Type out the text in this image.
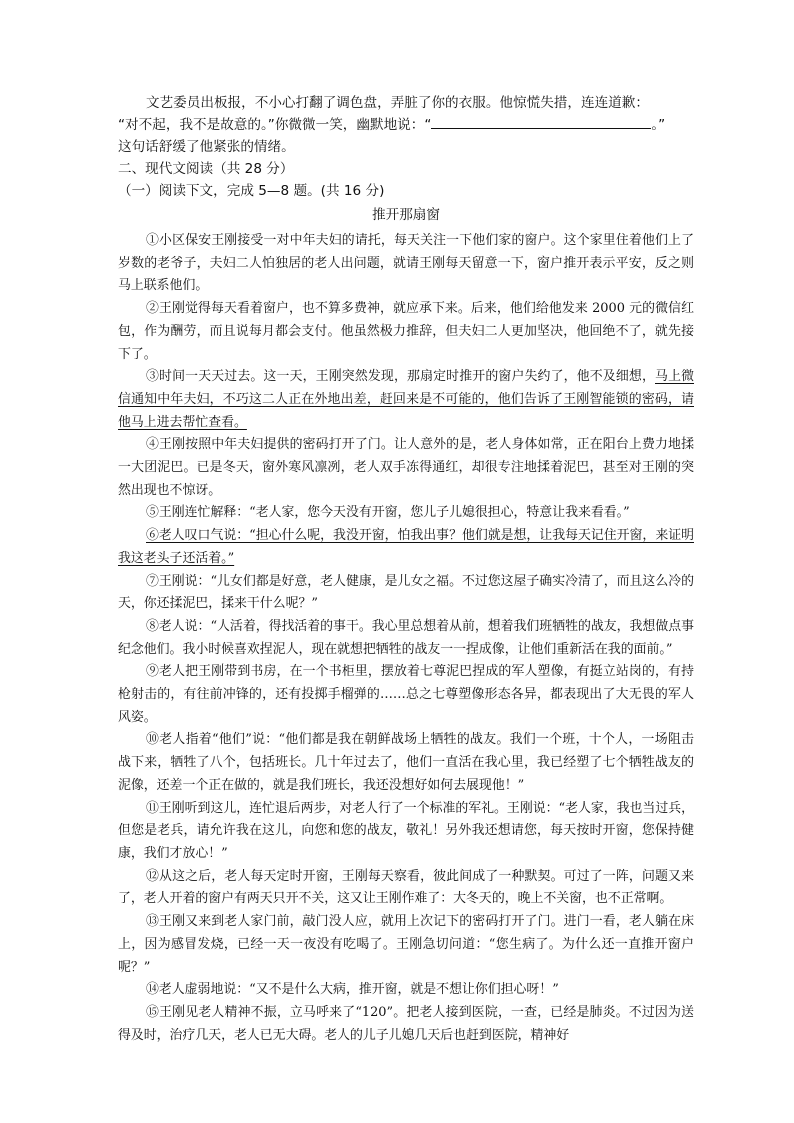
文艺委员出板报，不小心打翻了调色盘，弄脏了你的衣服。他惊慌失措，连连道歉：

“对不起，我不是故意的。”你微微一笑，幽默地说：“	。”

这句话舒缓了他紧张的情绪。

二、现代文阅读（共 28 分）

（一）阅读下文，完成 5—8 题。(共 16 分)

推开那扇窗

①小区保安王刚接受一对中年夫妇的请托，每天关注一下他们家的窗户。这个家里住着他们上了岁数的老爷子，夫妇二人怕独居的老人出问题，就请王刚每天留意一下，窗户推开表示平安，反之则马上联系他们。

②王刚觉得每天看着窗户，也不算多费神，就应承下来。后来，他们给他发来 2000 元的微信红包，作为酬劳，而且说每月都会支付。他虽然极力推辞，但夫妇二人更加坚决，他回绝不了，就先接下了。

③时间一天天过去。这一天，王刚突然发现，那扇定时推开的窗户失约了，他不及细想，马上微信通知中年夫妇，不巧这二人正在外地出差，赶回来是不可能的，他们告诉了王刚智能锁的密码，请他马上进去帮忙查看。

④王刚按照中年夫妇提供的密码打开了门。让人意外的是，老人身体如常，正在阳台上费力地揉一大团泥巴。已是冬天，窗外寒风凛冽，老人双手冻得通红，却很专注地揉着泥巴，甚至对王刚的突然出现也不惊讶。

⑤王刚连忙解释：“老人家，您今天没有开窗，您儿子儿媳很担心，特意让我来看看。”

⑥老人叹口气说：“担心什么呢，我没开窗，怕我出事？他们就是想，让我每天记住开窗，来证明我这老头子还活着。”

⑦王刚说：“儿女们都是好意，老人健康，是儿女之福。不过您这屋子确实冷清了，而且这么冷的天，你还揉泥巴，揉来干什么呢？”

⑧老人说：“人活着，得找活着的事干。我心里总想着从前，想着我们班牺牲的战友，我想做点事纪念他们。我小时候喜欢捏泥人，现在就想把牺牲的战友一一捏成像，让他们重新活在我的面前。”

⑨老人把王刚带到书房，在一个书柜里，摆放着七尊泥巴捏成的军人塑像，有挺立站岗的，有持枪射击的，有往前冲锋的，还有投掷手榴弹的……总之七尊塑像形态各异，都表现出了大无畏的军人风姿。

⑩老人指着“他们”说：“他们都是我在朝鲜战场上牺牲的战友。我们一个班，十个人，一场阻击战下来，牺牲了八个，包括班长。几十年过去了，他们一直活在我心里，我已经塑了七个牺牲战友的泥像，还差一个正在做的，就是我们班长，我还没想好如何去展现他！”

⑪王刚听到这儿，连忙退后两步，对老人行了一个标准的军礼。王刚说：“老人家，我也当过兵，但您是老兵，请允许我在这儿，向您和您的战友，敬礼！另外我还想请您，每天按时开窗，您保持健康，我们才放心！”

⑫从这之后，老人每天定时开窗，王刚每天察看，彼此间成了一种默契。可过了一阵，问题又来了，老人开着的窗户有两天只开不关，这又让王刚作难了：大冬天的，晚上不关窗，也不正常啊。

⑬王刚又来到老人家门前，敲门没人应，就用上次记下的密码打开了门。进门一看，老人躺在床上，因为感冒发烧，已经一天一夜没有吃喝了。王刚急切问道：“您生病了。为什么还一直推开窗户呢？”

⑭老人虚弱地说：“又不是什么大病，推开窗，就是不想让你们担心呀！”

⑮王刚见老人精神不振，立马呼来了“120”。把老人接到医院，一查，已经是肺炎。不过因为送得及时，治疗几天，老人已无大碍。老人的儿子儿媳几天后也赶到医院，精神好
